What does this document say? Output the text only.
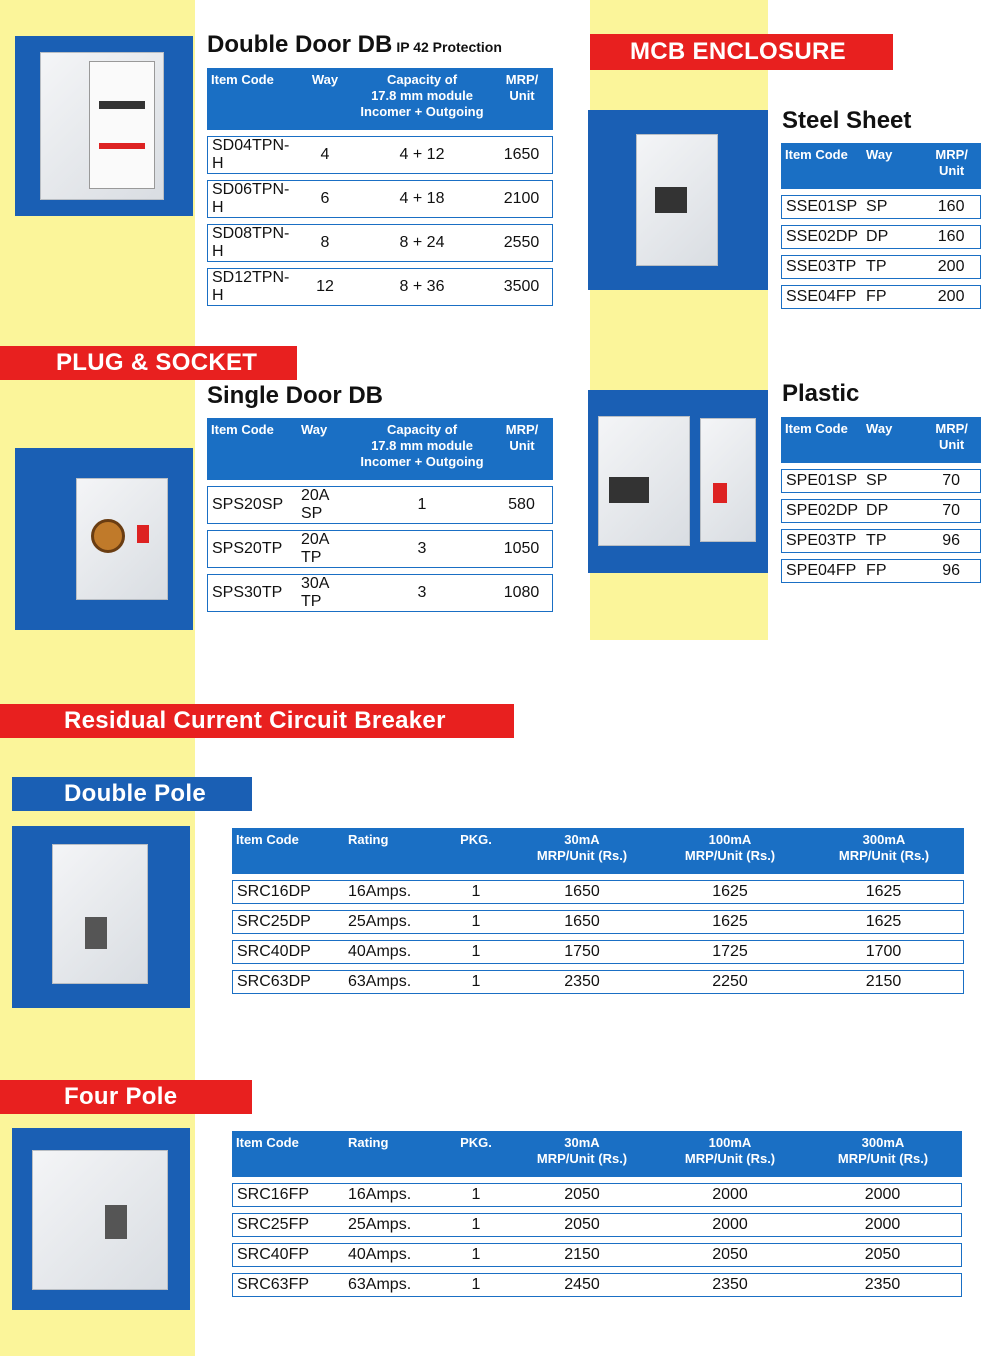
Double Door DB IP 42 Protection
Item Code	Way	Capacity of
17.8 mm module
Incomer + Outgoing	MRP/
Unit
SD04TPN-H	4	4 + 12	1650
SD06TPN-H	6	4 + 18	2100
SD08TPN-H	8	8 + 24	2550
SD12TPN-H	12	8 + 36	3500
MCB ENCLOSURE
Steel Sheet
Item Code	Way	MRP/
Unit
SSE01SP	SP	160
SSE02DP	DP	160
SSE03TP	TP	200
SSE04FP	FP	200
Plastic
Item Code	Way	MRP/
Unit
SPE01SP	SP	70
SPE02DP	DP	70
SPE03TP	TP	96
SPE04FP	FP	96
PLUG & SOCKET
Single Door DB
Item Code	Way	Capacity of
17.8 mm module
Incomer + Outgoing	MRP/
Unit
SPS20SP	20A SP	1	580
SPS20TP	20A TP	3	1050
SPS30TP	30A TP	3	1080
Residual Current Circuit Breaker
Double Pole
Item Code	Rating	PKG.	30mA
MRP/Unit (Rs.)	100mA
MRP/Unit (Rs.)	300mA
MRP/Unit (Rs.)
SRC16DP	16Amps.	1	1650	1625	1625
SRC25DP	25Amps.	1	1650	1625	1625
SRC40DP	40Amps.	1	1750	1725	1700
SRC63DP	63Amps.	1	2350	2250	2150
Four Pole
Item Code	Rating	PKG.	30mA
MRP/Unit (Rs.)	100mA
MRP/Unit (Rs.)	300mA
MRP/Unit (Rs.)
SRC16FP	16Amps.	1	2050	2000	2000
SRC25FP	25Amps.	1	2050	2000	2000
SRC40FP	40Amps.	1	2150	2050	2050
SRC63FP	63Amps.	1	2450	2350	2350
